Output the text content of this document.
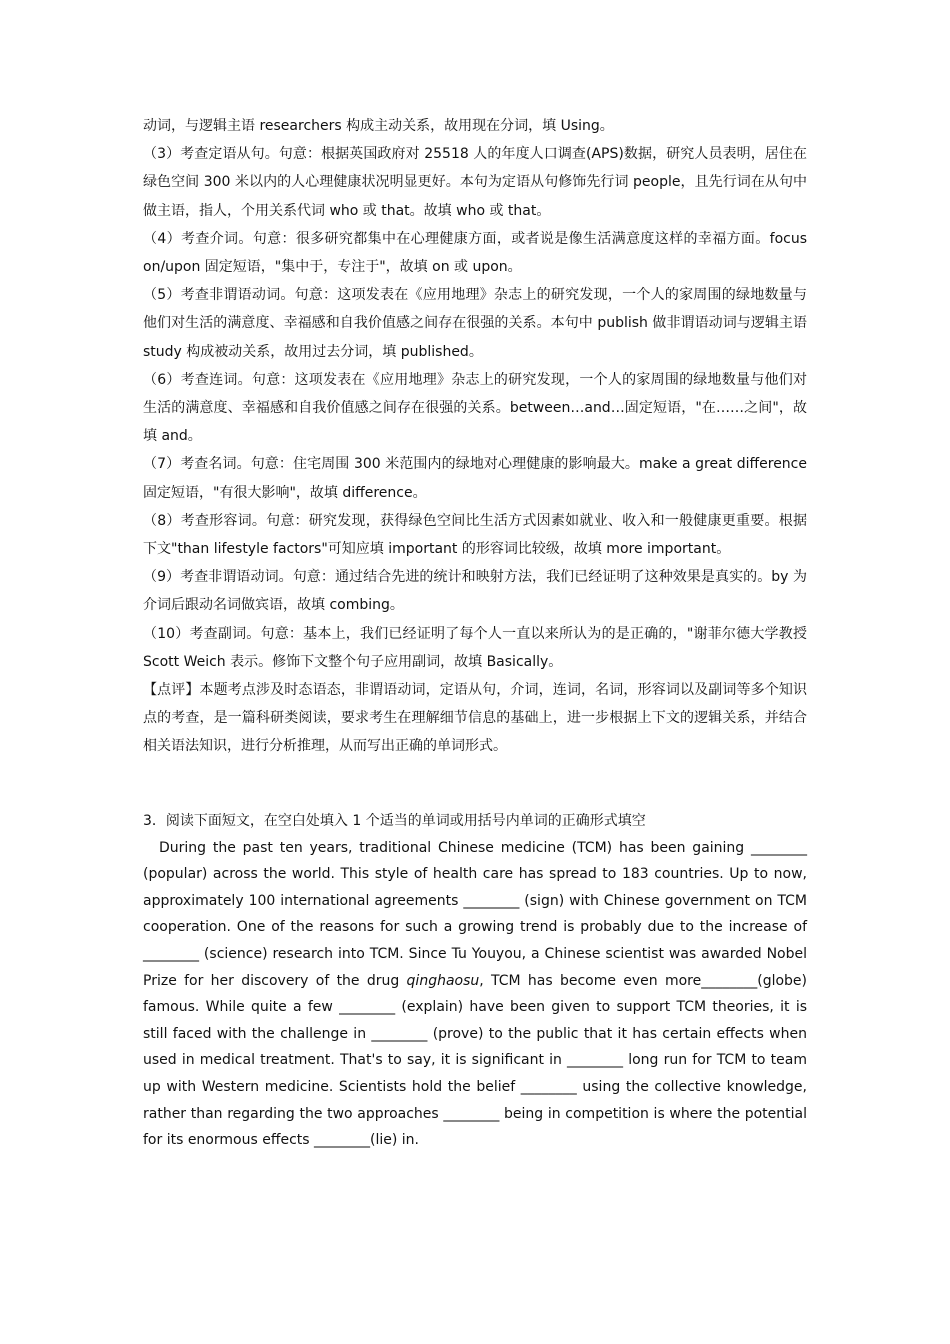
动词，与逻辑主语 researchers 构成主动关系，故用现在分词，填 Using。

（3）考查定语从句。句意：根据英国政府对 25518 人的年度人口调查(APS)数据，研究人员表明，居住在绿色空间 300 米以内的人心理健康状况明显更好。本句为定语从句修饰先行词 people，且先行词在从句中做主语，指人，个用关系代词 who 或 that。故填 who 或 that。

（4）考查介词。句意：很多研究都集中在心理健康方面，或者说是像生活满意度这样的幸福方面。focus on/upon 固定短语，"集中于，专注于"，故填 on 或 upon。

（5）考查非谓语动词。句意：这项发表在《应用地理》杂志上的研究发现，一个人的家周围的绿地数量与他们对生活的满意度、幸福感和自我价值感之间存在很强的关系。本句中 publish 做非谓语动词与逻辑主语 study 构成被动关系，故用过去分词，填 published。

（6）考查连词。句意：这项发表在《应用地理》杂志上的研究发现，一个人的家周围的绿地数量与他们对生活的满意度、幸福感和自我价值感之间存在很强的关系。between…and…固定短语，"在……之间"，故填 and。

（7）考查名词。句意：住宅周围 300 米范围内的绿地对心理健康的影响最大。make a great difference 固定短语，"有很大影响"，故填 difference。

（8）考查形容词。句意：研究发现，获得绿色空间比生活方式因素如就业、收入和一般健康更重要。根据下文"than lifestyle factors"可知应填 important 的形容词比较级，故填 more important。

（9）考查非谓语动词。句意：通过结合先进的统计和映射方法，我们已经证明了这种效果是真实的。by 为介词后跟动名词做宾语，故填 combing。

（10）考查副词。句意：基本上，我们已经证明了每个人一直以来所认为的是正确的，"谢菲尔德大学教授 Scott Weich 表示。修饰下文整个句子应用副词，故填 Basically。

【点评】本题考点涉及时态语态，非谓语动词，定语从句，介词，连词，名词，形容词以及副词等多个知识点的考查，是一篇科研类阅读，要求考生在理解细节信息的基础上，进一步根据上下文的逻辑关系，并结合相关语法知识，进行分析推理，从而写出正确的单词形式。

3．阅读下面短文，在空白处填入 1 个适当的单词或用括号内单词的正确形式填空

During the past ten years, traditional Chinese medicine (TCM) has been gaining ________ (popular) across the world. This style of health care has spread to 183 countries. Up to now, approximately 100 international agreements ________ (sign) with Chinese government on TCM cooperation. One of the reasons for such a growing trend is probably due to the increase of ________ (science) research into TCM. Since Tu Youyou, a Chinese scientist was awarded Nobel Prize for her discovery of the drug qinghaosu, TCM has become even more________(globe) famous. While quite a few ________ (explain) have been given to support TCM theories, it is still faced with the challenge in ________ (prove) to the public that it has certain effects when used in medical treatment. That's to say, it is significant in ________ long run for TCM to team up with Western medicine. Scientists hold the belief ________ using the collective knowledge, rather than regarding the two approaches ________ being in competition is where the potential for its enormous effects ________(lie) in.
